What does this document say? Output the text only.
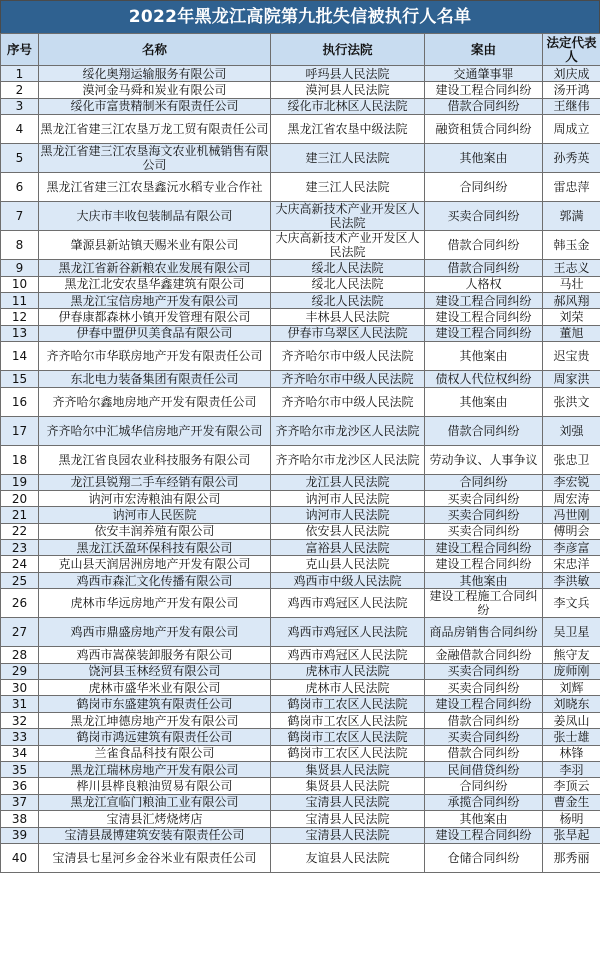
2022年黑龙江高院第九批失信被执行人名单
序号	名称	执行法院	案由	法定代表人
1	绥化奥翔运输服务有限公司	呼玛县人民法院	交通肇事罪	刘庆成
2	漠河金马舜和炭业有限公司	漠河县人民法院	建设工程合同纠纷	汤开鸿
3	绥化市富贵精制米有限责任公司	绥化市北林区人民法院	借款合同纠纷	王继伟
4	黑龙江省建三江农垦万龙工贸有限责任公司	黑龙江省农垦中级法院	融资租赁合同纠纷	周成立
5	黑龙江省建三江农垦海文农业机械销售有限公司	建三江人民法院	其他案由	孙秀英
6	黑龙江省建三江农垦鑫沅水稻专业合作社	建三江人民法院	合同纠纷	雷忠萍
7	大庆市丰收包装制品有限公司	大庆高新技术产业开发区人民法院	买卖合同纠纷	郭满
8	肇源县新站镇天赐米业有限公司	大庆高新技术产业开发区人民法院	借款合同纠纷	韩玉金
9	黑龙江省新谷新粮农业发展有限公司	绥北人民法院	借款合同纠纷	王志义
10	黑龙江北安农垦华鑫建筑有限公司	绥北人民法院	人格权	马壮
11	黑龙江宝信房地产开发有限公司	绥北人民法院	建设工程合同纠纷	郝风翔
12	伊春康都森林小镇开发管理有限公司	丰林县人民法院	建设工程合同纠纷	刘荣
13	伊春中盟伊贝美食品有限公司	伊春市乌翠区人民法院	建设工程合同纠纷	董旭
14	齐齐哈尔市华联房地产开发有限责任公司	齐齐哈尔市中级人民法院	其他案由	迟宝贵
15	东北电力装备集团有限责任公司	齐齐哈尔市中级人民法院	债权人代位权纠纷	周家洪
16	齐齐哈尔鑫地房地产开发有限责任公司	齐齐哈尔市中级人民法院	其他案由	张洪文
17	齐齐哈尔中汇城华信房地产开发有限公司	齐齐哈尔市龙沙区人民法院	借款合同纠纷	刘强
18	黑龙江省良园农业科技服务有限公司	齐齐哈尔市龙沙区人民法院	劳动争议、人事争议	张忠卫
19	龙江县锐翔二手车经销有限公司	龙江县人民法院	合同纠纷	李宏锐
20	讷河市宏涛粮油有限公司	讷河市人民法院	买卖合同纠纷	周宏涛
21	讷河市人民医院	讷河市人民法院	买卖合同纠纷	冯世刚
22	依安丰润养殖有限公司	依安县人民法院	买卖合同纠纷	傅明会
23	黑龙江沃盈环保科技有限公司	富裕县人民法院	建设工程合同纠纷	李彦富
24	克山县天润居洲房地产开发有限公司	克山县人民法院	建设工程合同纠纷	宋忠洋
25	鸡西市森汇文化传播有限公司	鸡西市中级人民法院	其他案由	李洪敏
26	虎林市华远房地产开发有限公司	鸡西市鸡冠区人民法院	建设工程施工合同纠纷	李文兵
27	鸡西市鼎盛房地产开发有限公司	鸡西市鸡冠区人民法院	商品房销售合同纠纷	吴卫星
28	鸡西市嵩葆装卸服务有限公司	鸡西市鸡冠区人民法院	金融借款合同纠纷	熊守友
29	饶河县玉林经贸有限公司	虎林市人民法院	买卖合同纠纷	庞师刚
30	虎林市盛华米业有限公司	虎林市人民法院	买卖合同纠纷	刘辉
31	鹤岗市东盛建筑有限责任公司	鹤岗市工农区人民法院	建设工程合同纠纷	刘晓东
32	黑龙江坤德房地产开发有限公司	鹤岗市工农区人民法院	借款合同纠纷	姜凤山
33	鹤岗市鸿远建筑有限责任公司	鹤岗市工农区人民法院	买卖合同纠纷	张士雄
34	兰雀食品科技有限公司	鹤岗市工农区人民法院	借款合同纠纷	林锋
35	黑龙江瑞林房地产开发有限公司	集贤县人民法院	民间借贷纠纷	李羽
36	桦川县桦良粮油贸易有限公司	集贤县人民法院	合同纠纷	李顶云
37	黑龙江宣临门粮油工业有限公司	宝清县人民法院	承揽合同纠纷	曹金生
38	宝清县汇烤烧烤店	宝清县人民法院	其他案由	杨明
39	宝清县晟博建筑安装有限责任公司	宝清县人民法院	建设工程合同纠纷	张旱起
40	宝清县七星河乡金谷米业有限责任公司	友谊县人民法院	仓储合同纠纷	那秀丽
